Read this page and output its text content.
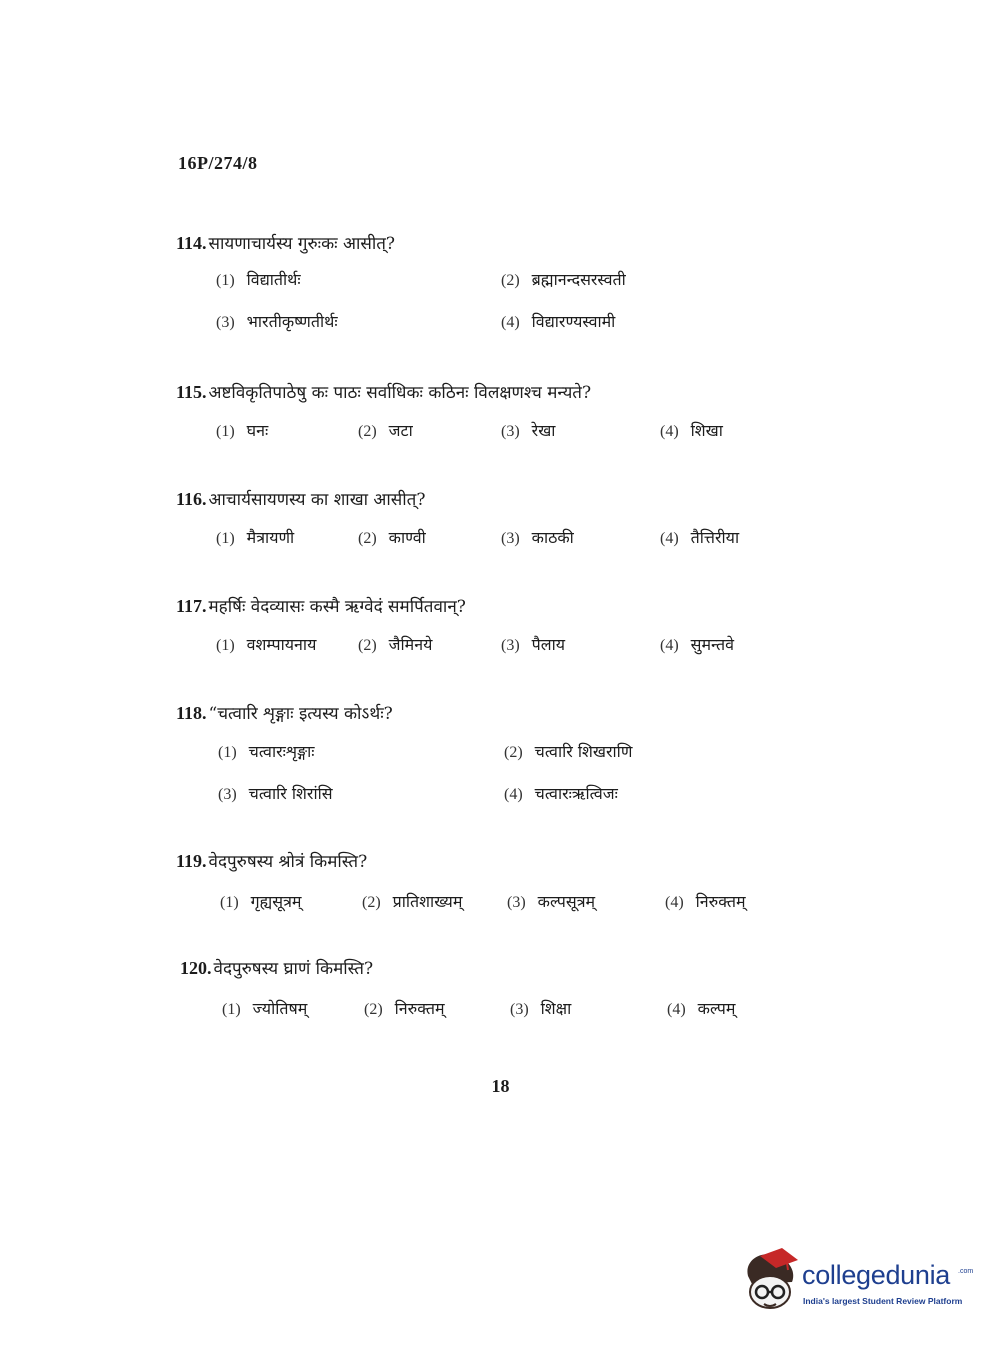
16P/274/8
114. सायणाचार्यस्य गुरुःकः आसीत्?
(1) विद्यातीर्थः	(2) ब्रह्मानन्दसरस्वती
(3) भारतीकृष्णतीर्थः	(4) विद्यारण्यस्वामी
115. अष्टविकृतिपाठेषु कः पाठः सर्वाधिकः कठिनः विलक्षणश्च मन्यते?
(1) घनः	(2) जटा	(3) रेखा	(4) शिखा
116. आचार्यसायणस्य का शाखा आसीत्?
(1) मैत्रायणी	(2) काण्वी	(3) काठकी	(4) तैत्तिरीया
117. महर्षिः वेदव्यासः कस्मै ऋग्वेदं समर्पितवान्?
(1) वशम्पायनाय	(2) जैमिनये	(3) पैलाय	(4) सुमन्तवे
118. “चत्वारि शृङ्गाः इत्यस्य कोऽर्थः?
(1) चत्वारःशृङ्गाः	(2) चत्वारि शिखराणि
(3) चत्वारि शिरांसि	(4) चत्वारःऋत्विजः
119. वेदपुरुषस्य श्रोत्रं किमस्ति?
(1) गृह्यसूत्रम्	(2) प्रातिशाख्यम्	(3) कल्पसूत्रम्	(4) निरुक्तम्
120. वेदपुरुषस्य घ्राणं किमस्ति?
(1) ज्योतिषम्	(2) निरुक्तम्	(3) शिक्षा	(4) कल्पम्
18
collegedunia .com
India's largest Student Review Platform
